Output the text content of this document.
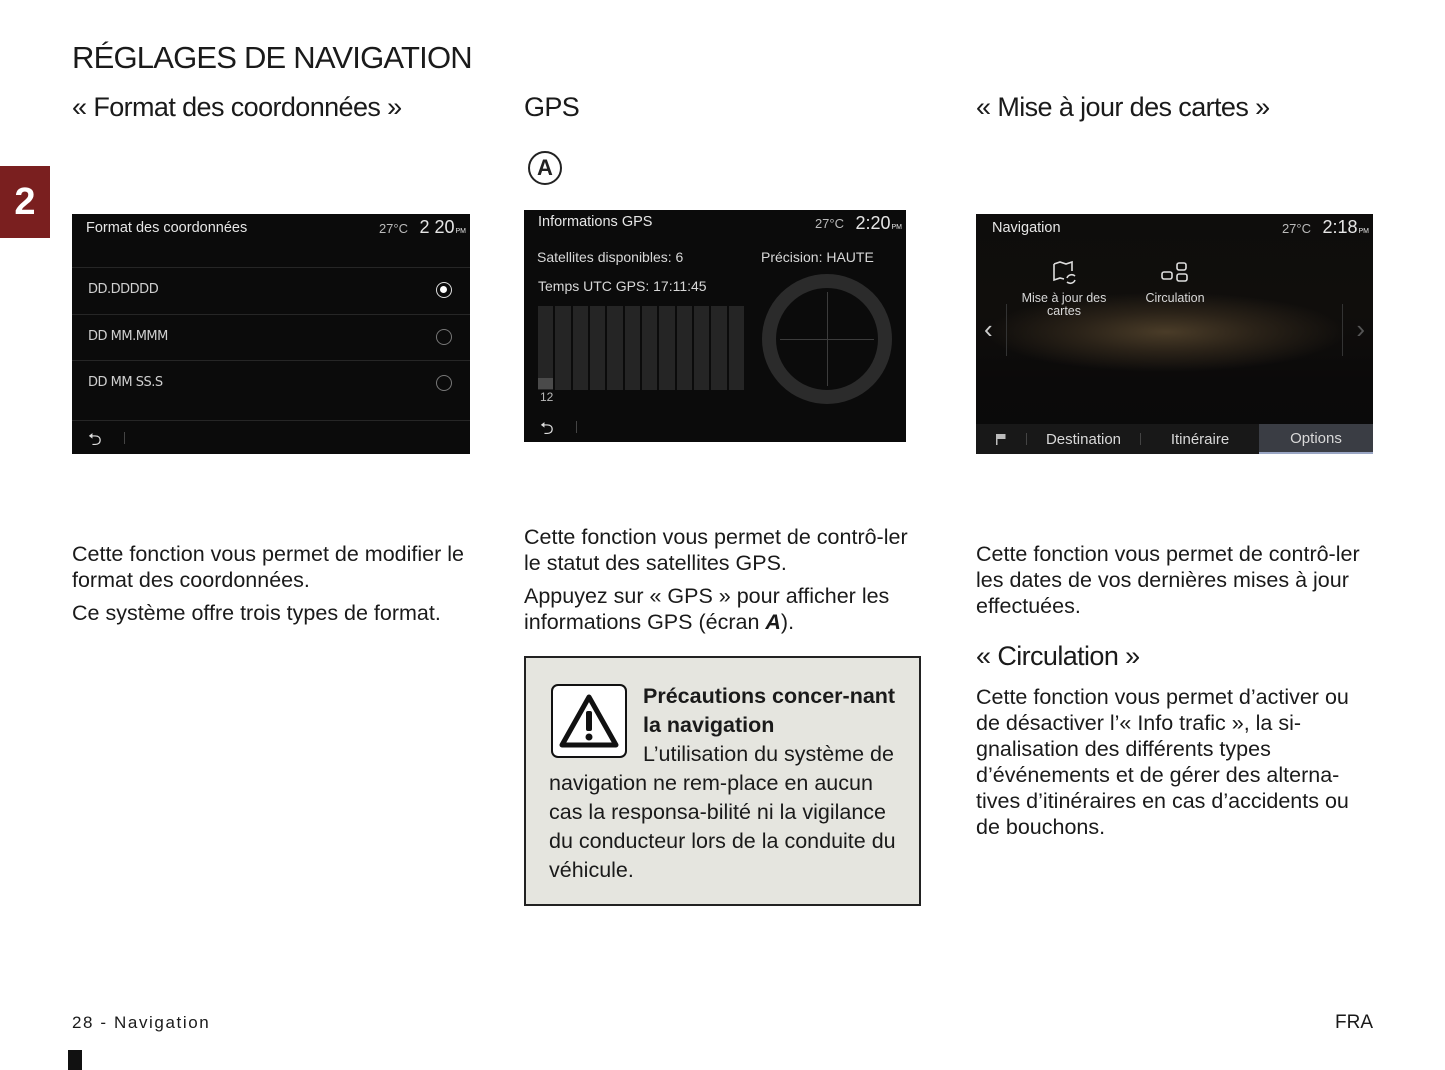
RÉGLAGES DE NAVIGATION
2
« Format des coordonnées »	GPS	« Mise à jour des cartes »
A
Format des coordonnées	27°C 2 20PM
DD.DDDDD
DD MM.MMM
DD MM SS.S
⮌
Informations GPS	27°C 2:20PM
Satellites disponibles: 6	Précision: HAUTE
Temps UTC GPS: 17:11:45
12
⮌
Navigation	27°C 2:18PM
‹	›
Mise à jour des cartes
Circulation
Destination	Itinéraire	Options

Cette fonction vous permet de modifier le format des coordonnées.

Ce système offre trois types de format.

Cette fonction vous permet de contrô-ler le statut des satellites GPS.

Appuyez sur « GPS » pour afficher les informations GPS (écran A).

Précautions concer-nant la navigation
L’utilisation du système de navigation ne rem-place en aucun cas la responsa-bilité ni la vigilance du conducteur lors de la conduite du véhicule.

Cette fonction vous permet de contrô-ler les dates de vos dernières mises à jour effectuées.

« Circulation »

Cette fonction vous permet d’activer ou de désactiver l’« Info trafic », la si-gnalisation des différents types d’événements et de gérer des alterna-tives d’itinéraires en cas d’accidents ou de bouchons.

28 - Navigation	FRA
